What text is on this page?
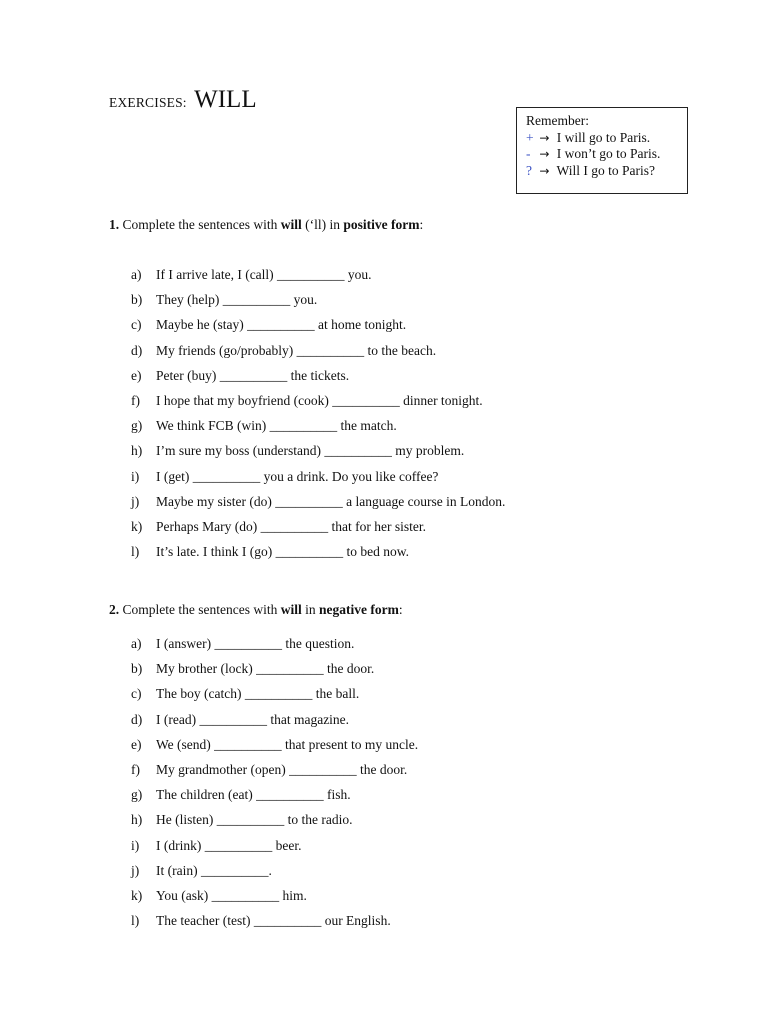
EXERCISES: WILL
Remember:
+ → I will go to Paris.
- → I won’t go to Paris.
? → Will I go to Paris?
1. Complete the sentences with will (‘ll) in positive form:
a) If I arrive late, I (call) __________ you.
b) They (help) __________ you.
c) Maybe he (stay) __________ at home tonight.
d) My friends (go/probably) __________ to the beach.
e) Peter (buy) __________ the tickets.
f) I hope that my boyfriend (cook) __________ dinner tonight.
g) We think FCB (win) __________ the match.
h) I’m sure my boss (understand) __________ my problem.
i) I (get) __________ you a drink. Do you like coffee?
j) Maybe my sister (do) __________ a language course in London.
k) Perhaps Mary (do) __________ that for her sister.
l) It’s late. I think I (go) __________ to bed now.
2. Complete the sentences with will in negative form:
a) I (answer) __________ the question.
b) My brother (lock) __________ the door.
c) The boy (catch) __________ the ball.
d) I (read) __________ that magazine.
e) We (send) __________ that present to my uncle.
f) My grandmother (open) __________ the door.
g) The children (eat) __________ fish.
h) He (listen) __________ to the radio.
i) I (drink) __________ beer.
j) It (rain) __________.
k) You (ask) __________ him.
l) The teacher (test) __________ our English.
